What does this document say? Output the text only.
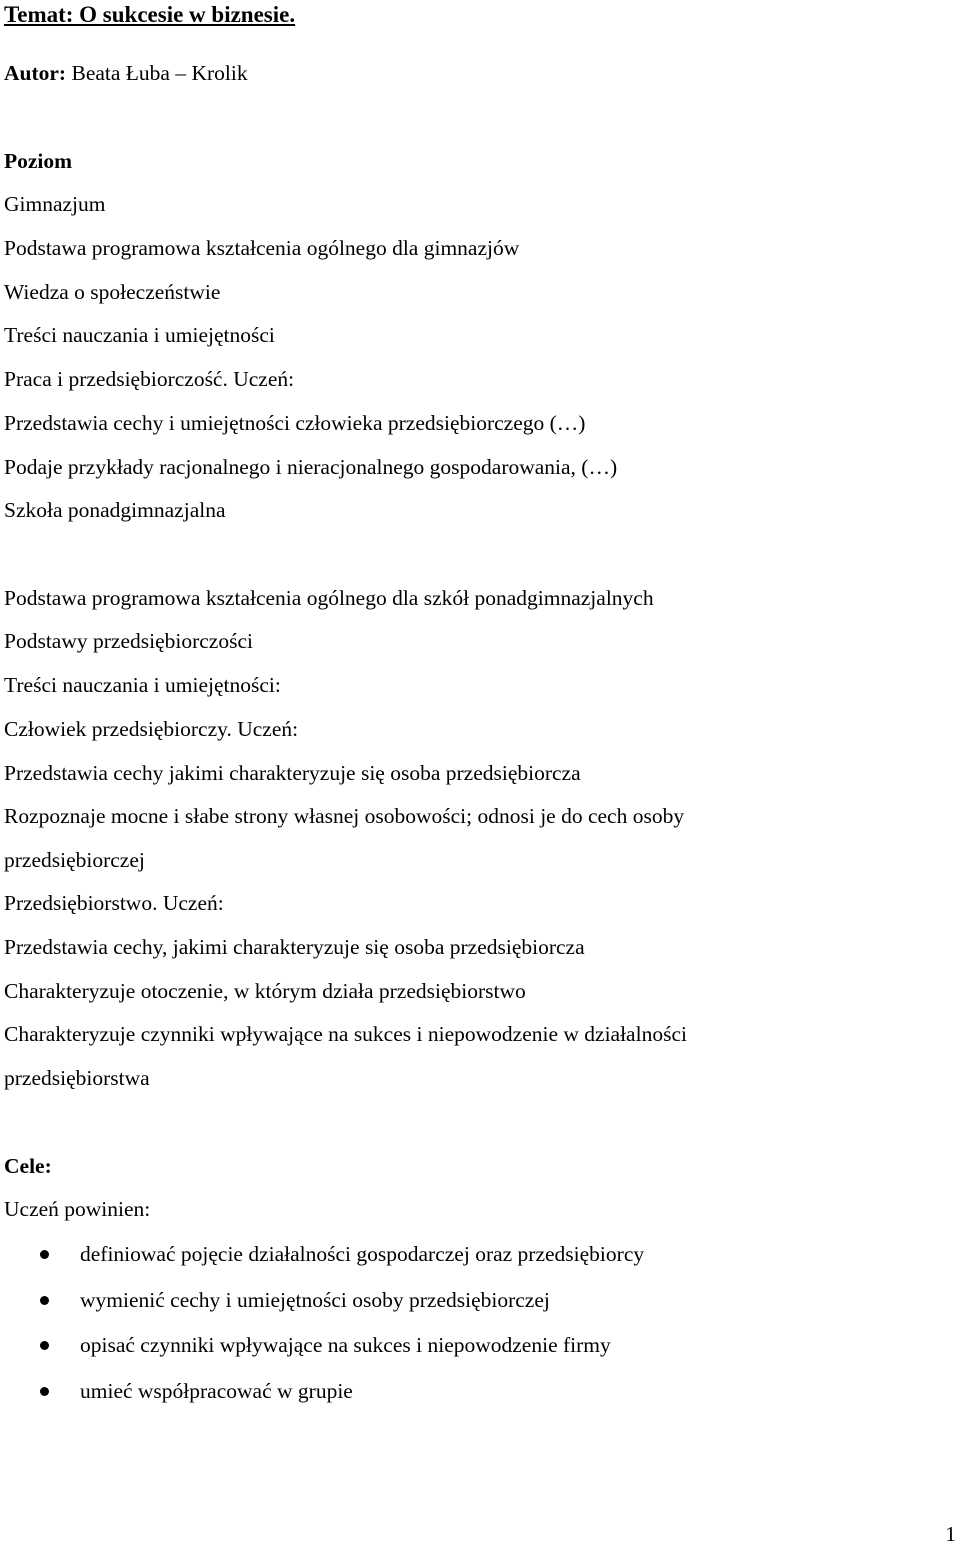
Temat: O sukcesie w biznesie.
Autor: Beata Łuba – Krolik
Poziom
Gimnazjum
Podstawa programowa kształcenia ogólnego dla gimnazjów
Wiedza o społeczeństwie
Treści nauczania i umiejętności
Praca i przedsiębiorczość. Uczeń:
Przedstawia cechy i umiejętności człowieka przedsiębiorczego (…)
Podaje przykłady racjonalnego i nieracjonalnego gospodarowania, (…)
Szkoła ponadgimnazjalna
Podstawa programowa kształcenia ogólnego dla szkół ponadgimnazjalnych
Podstawy przedsiębiorczości
Treści nauczania i umiejętności:
Człowiek przedsiębiorczy. Uczeń:
Przedstawia cechy jakimi charakteryzuje się osoba przedsiębiorcza
Rozpoznaje mocne i słabe strony własnej osobowości; odnosi je do cech osoby
przedsiębiorczej
Przedsiębiorstwo. Uczeń:
Przedstawia cechy, jakimi charakteryzuje się osoba przedsiębiorcza
Charakteryzuje otoczenie, w którym działa przedsiębiorstwo
Charakteryzuje czynniki wpływające na sukces i niepowodzenie w działalności
przedsiębiorstwa
Cele:
Uczeń powinien:
definiować pojęcie działalności gospodarczej oraz przedsiębiorcy
wymienić cechy i umiejętności osoby przedsiębiorczej
opisać czynniki wpływające na sukces i niepowodzenie firmy
umieć współpracować w grupie
1
